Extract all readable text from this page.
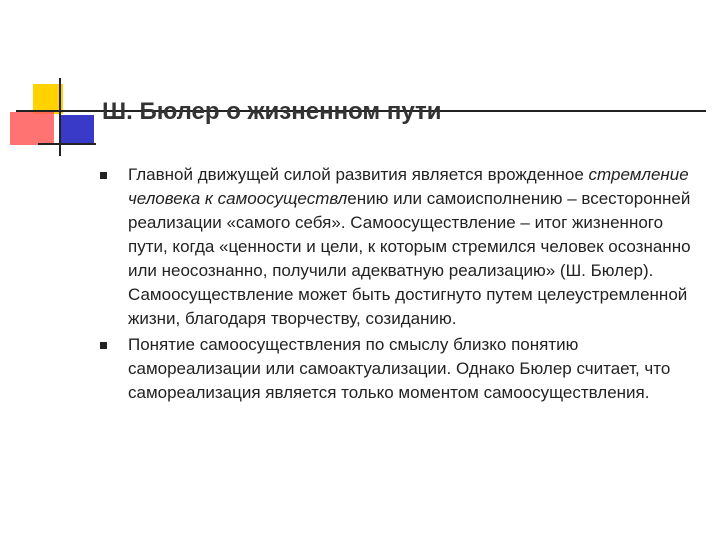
Ш. Бюлер о жизненном пути
Главной движущей силой развития является врожденное стремление человека к самоосуществлению или самоисполнению – всесторонней реализации «самого себя». Самоосуществление – итог жизненного пути, когда «ценности и цели, к которым стремился человек осознанно или неосознанно, получили адекватную реализацию» (Ш. Бюлер). Самоосуществление может быть достигнуто путем целеустремленной жизни, благодаря творчеству, созиданию.
Понятие самоосуществления по смыслу близко понятию самореализации или самоактуализации. Однако Бюлер считает, что самореализация является только моментом самоосуществления.
